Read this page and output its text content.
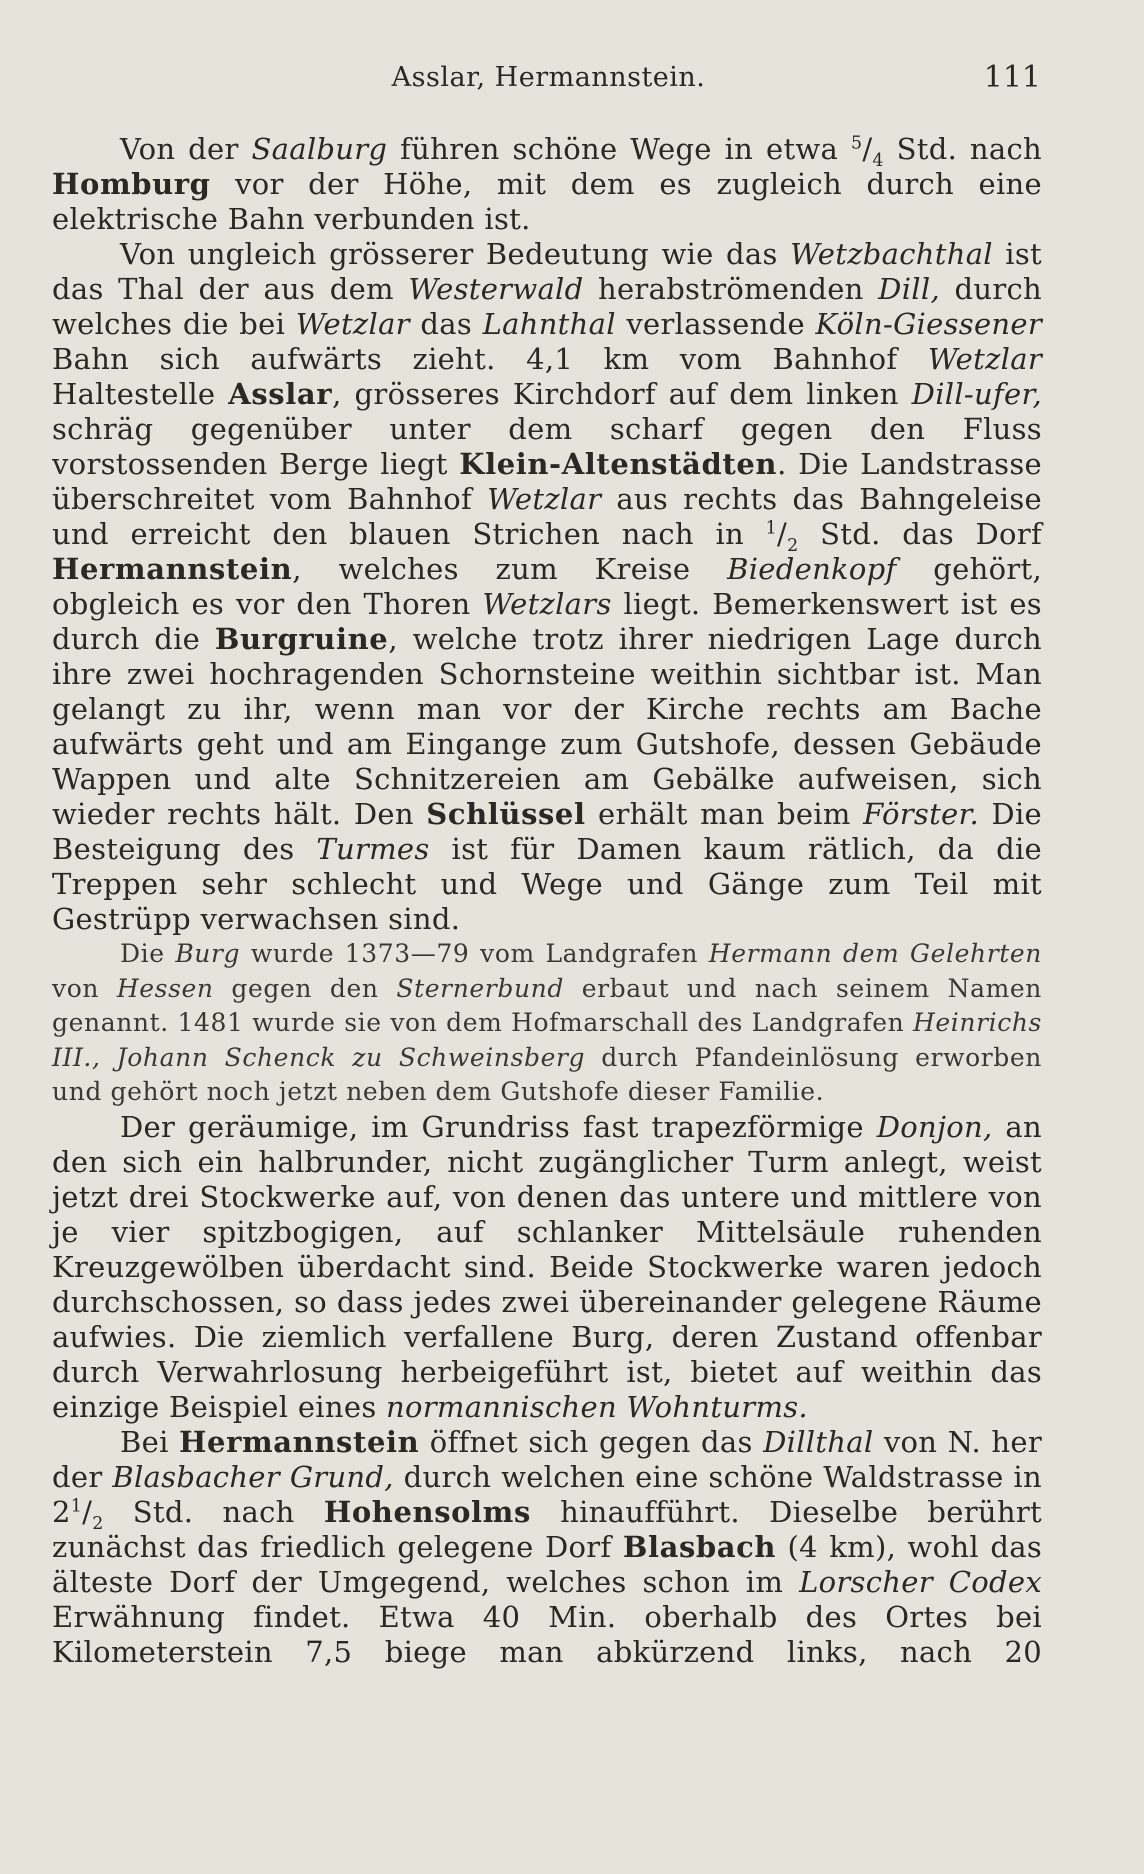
Asslar, Hermannstein.	111

Von der Saalburg führen schöne Wege in etwa $^5/_4$ Std. nach Homburg vor der Höhe, mit dem es zugleich durch eine elektrische Bahn verbunden ist.

Von ungleich grösserer Bedeutung wie das Wetzbachthal ist das Thal der aus dem Westerwald herabströmenden Dill, durch welches die bei Wetzlar das Lahnthal verlassende Köln-Giessener Bahn sich aufwärts zieht. 4,1 km vom Bahnhof Wetzlar Haltestelle Asslar, grösseres Kirchdorf auf dem linken Dill-ufer, schräg gegenüber unter dem scharf gegen den Fluss vorstossenden Berge liegt Klein-Altenstädten. Die Landstrasse überschreitet vom Bahnhof Wetzlar aus rechts das Bahngeleise und erreicht den blauen Strichen nach in $^1/_2$ Std. das Dorf Hermannstein, welches zum Kreise Biedenkopf gehört, obgleich es vor den Thoren Wetzlars liegt. Bemerkenswert ist es durch die Burgruine, welche trotz ihrer niedrigen Lage durch ihre zwei hochragenden Schornsteine weithin sichtbar ist. Man gelangt zu ihr, wenn man vor der Kirche rechts am Bache aufwärts geht und am Eingange zum Gutshofe, dessen Gebäude Wappen und alte Schnitzereien am Gebälke aufweisen, sich wieder rechts hält. Den Schlüssel erhält man beim Förster. Die Besteigung des Turmes ist für Damen kaum rätlich, da die Treppen sehr schlecht und Wege und Gänge zum Teil mit Gestrüpp verwachsen sind.

Die Burg wurde 1373—79 vom Landgrafen Hermann dem Gelehrten von Hessen gegen den Sternerbund erbaut und nach seinem Namen genannt. 1481 wurde sie von dem Hofmarschall des Landgrafen Heinrichs III., Johann Schenck zu Schweinsberg durch Pfandeinlösung erworben und gehört noch jetzt neben dem Gutshofe dieser Familie.

Der geräumige, im Grundriss fast trapezförmige Donjon, an den sich ein halbrunder, nicht zugänglicher Turm anlegt, weist jetzt drei Stockwerke auf, von denen das untere und mittlere von je vier spitzbogigen, auf schlanker Mittelsäule ruhenden Kreuzgewölben überdacht sind. Beide Stockwerke waren jedoch durchschossen, so dass jedes zwei übereinander gelegene Räume aufwies. Die ziemlich verfallene Burg, deren Zustand offenbar durch Verwahrlosung herbeigeführt ist, bietet auf weithin das einzige Beispiel eines normannischen Wohnturms.

Bei Hermannstein öffnet sich gegen das Dillthal von N. her der Blasbacher Grund, durch welchen eine schöne Waldstrasse in $2^1/_2$ Std. nach Hohensolms hinaufführt. Dieselbe berührt zunächst das friedlich gelegene Dorf Blasbach (4 km), wohl das älteste Dorf der Umgegend, welches schon im Lorscher Codex Erwähnung findet. Etwa 40 Min. oberhalb des Ortes bei Kilometerstein 7,5 biege man abkürzend links, nach 20
